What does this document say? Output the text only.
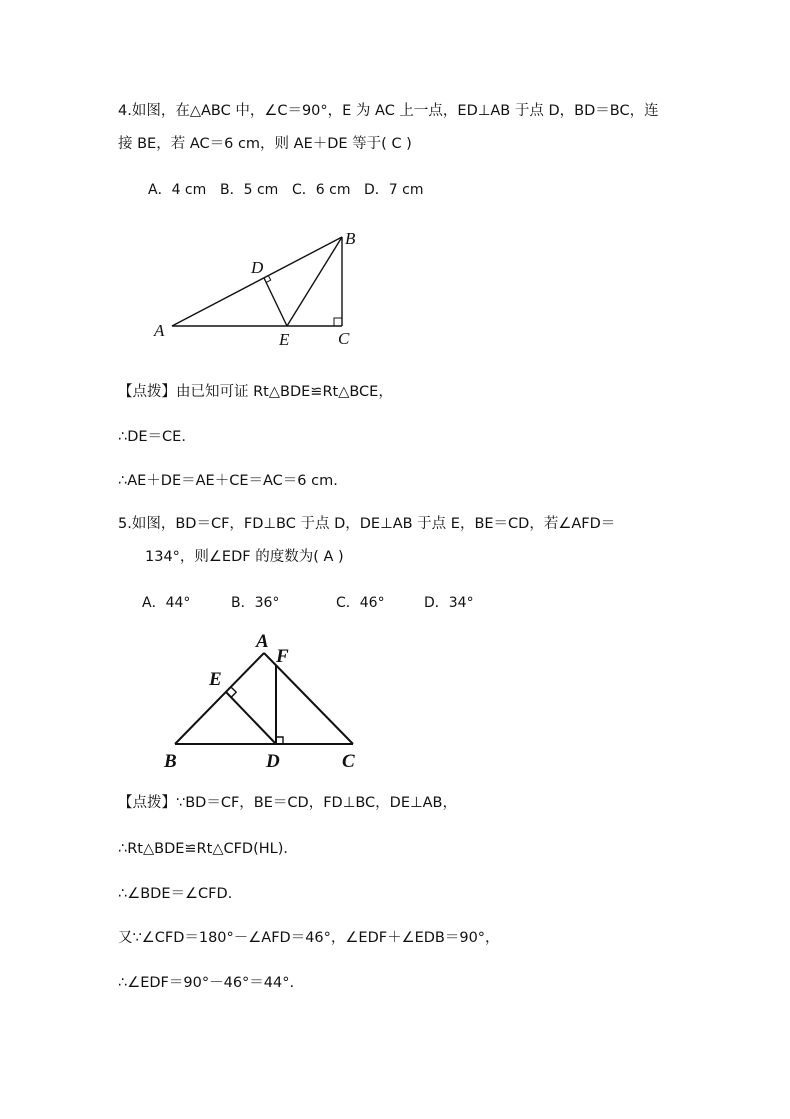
4.如图，在△ABC 中，∠C＝90°，E 为 AC 上一点，ED⊥AB 于点 D，BD＝BC，连
接 BE，若 AC＝6 cm，则 AE＋DE 等于( C )
A．4 cm B．5 cm C．6 cm D．7 cm
A
B
C
D
E
【点拨】由已知可证 Rt△BDE≌Rt△BCE，
∴DE＝CE.
∴AE＋DE＝AE＋CE＝AC＝6 cm.
5.如图，BD＝CF，FD⊥BC 于点 D，DE⊥AB 于点 E，BE＝CD，若∠AFD＝
134°，则∠EDF 的度数为( A )
A．44°	B．36°	C．46°	D．34°
A
F
E
B	D	C
【点拨】∵BD＝CF，BE＝CD，FD⊥BC，DE⊥AB，
∴Rt△BDE≌Rt△CFD(HL)．
∴∠BDE＝∠CFD.
又∵∠CFD＝180°－∠AFD＝46°，∠EDF＋∠EDB＝90°，
∴∠EDF＝90°－46°＝44°.
